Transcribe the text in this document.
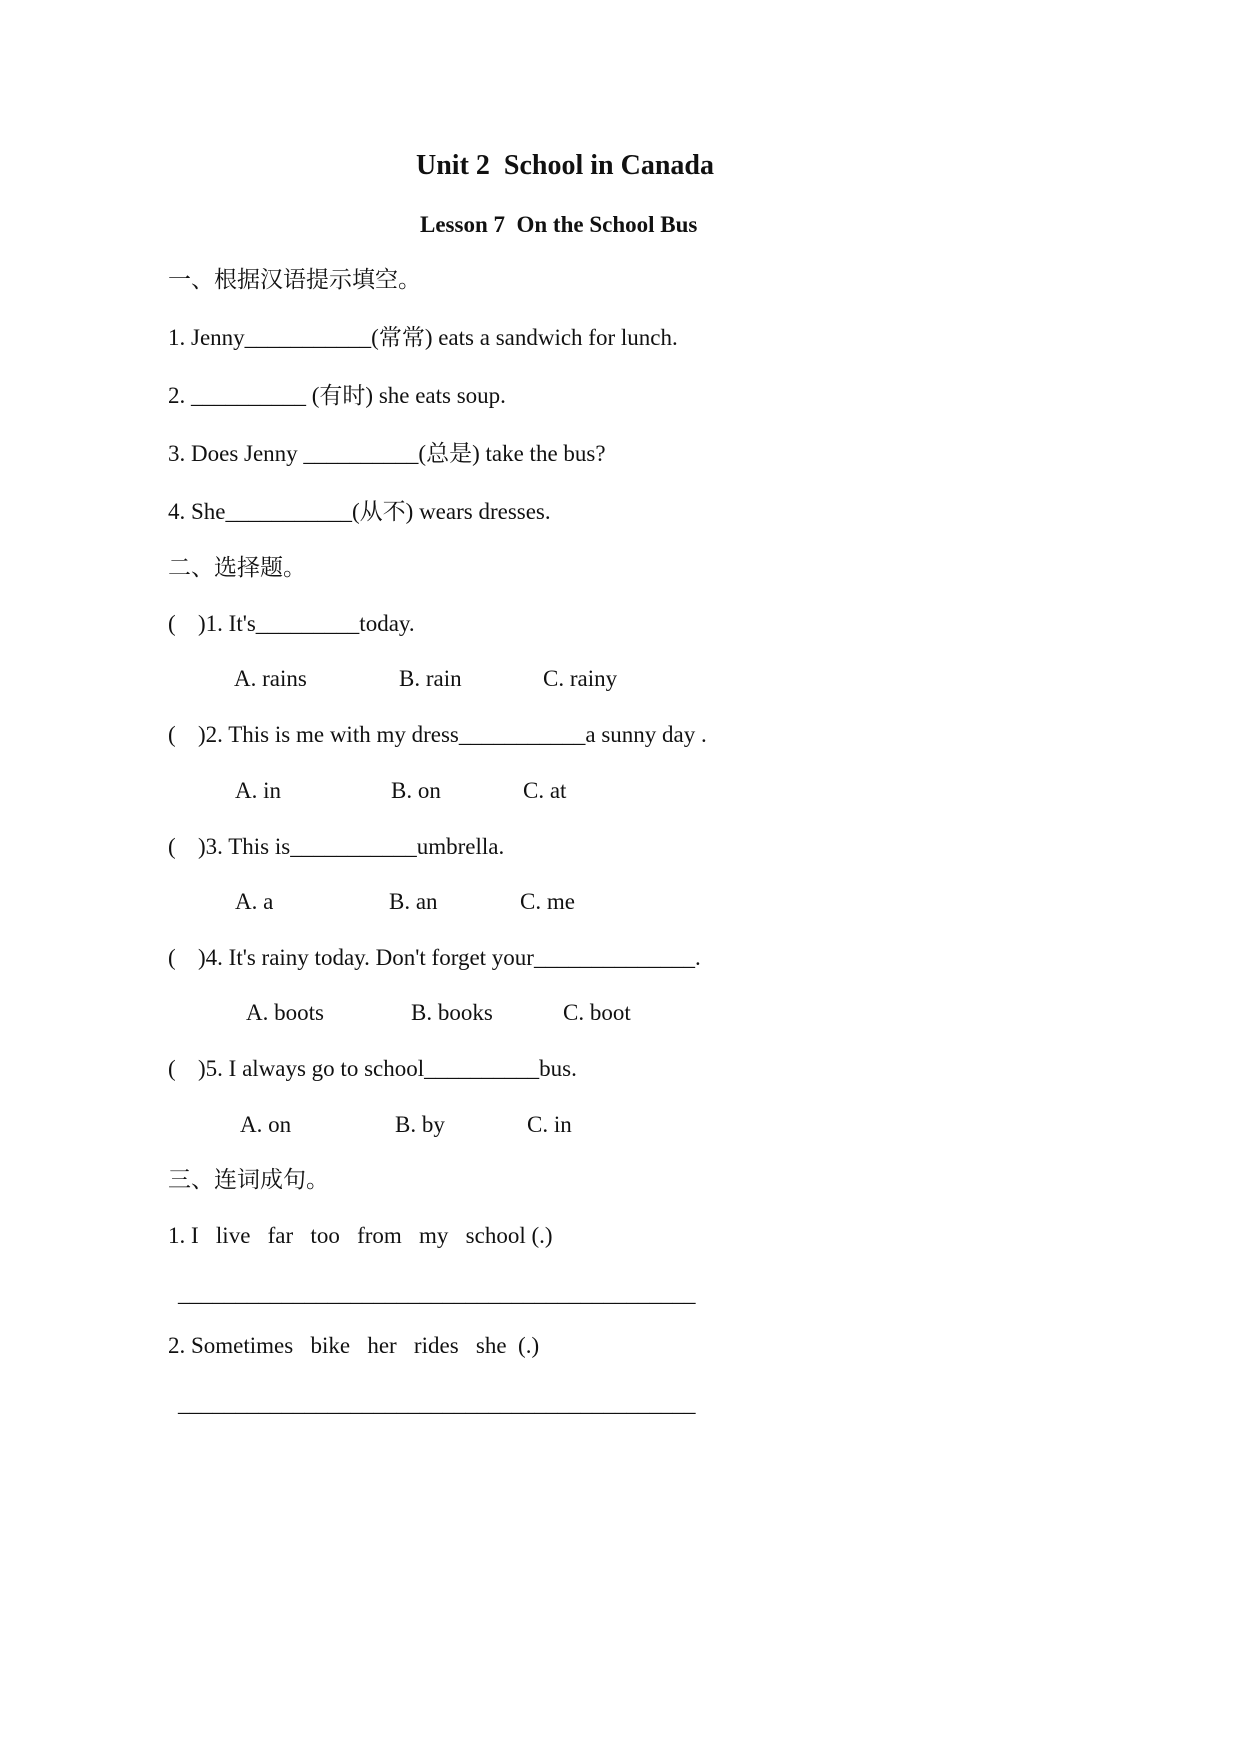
Unit 2  School in Canada
Lesson 7  On the School Bus
一、根据汉语提示填空。
1. Jenny___________(常常) eats a sandwich for lunch.
2. __________ (有时) she eats soup.
3. Does Jenny __________(总是) take the bus?
4. She___________(从不) wears dresses.
二、选择题。
( )1. It's_________today.
A. rains	B. rain	C. rainy
( )2. This is me with my dress___________a sunny day .
A. in	B. on	C. at
( )3. This is___________umbrella.
A. a	B. an	C. me
( )4. It's rainy today. Don't forget your______________.
A. boots	B. books	C. boot
( )5. I always go to school__________bus.
A. on	B. by	C. in
三、连词成句。
1. I   live   far   too   from   my   school (.)
_____________________________________________
2. Sometimes   bike   her   rides   she  (.)
_____________________________________________
